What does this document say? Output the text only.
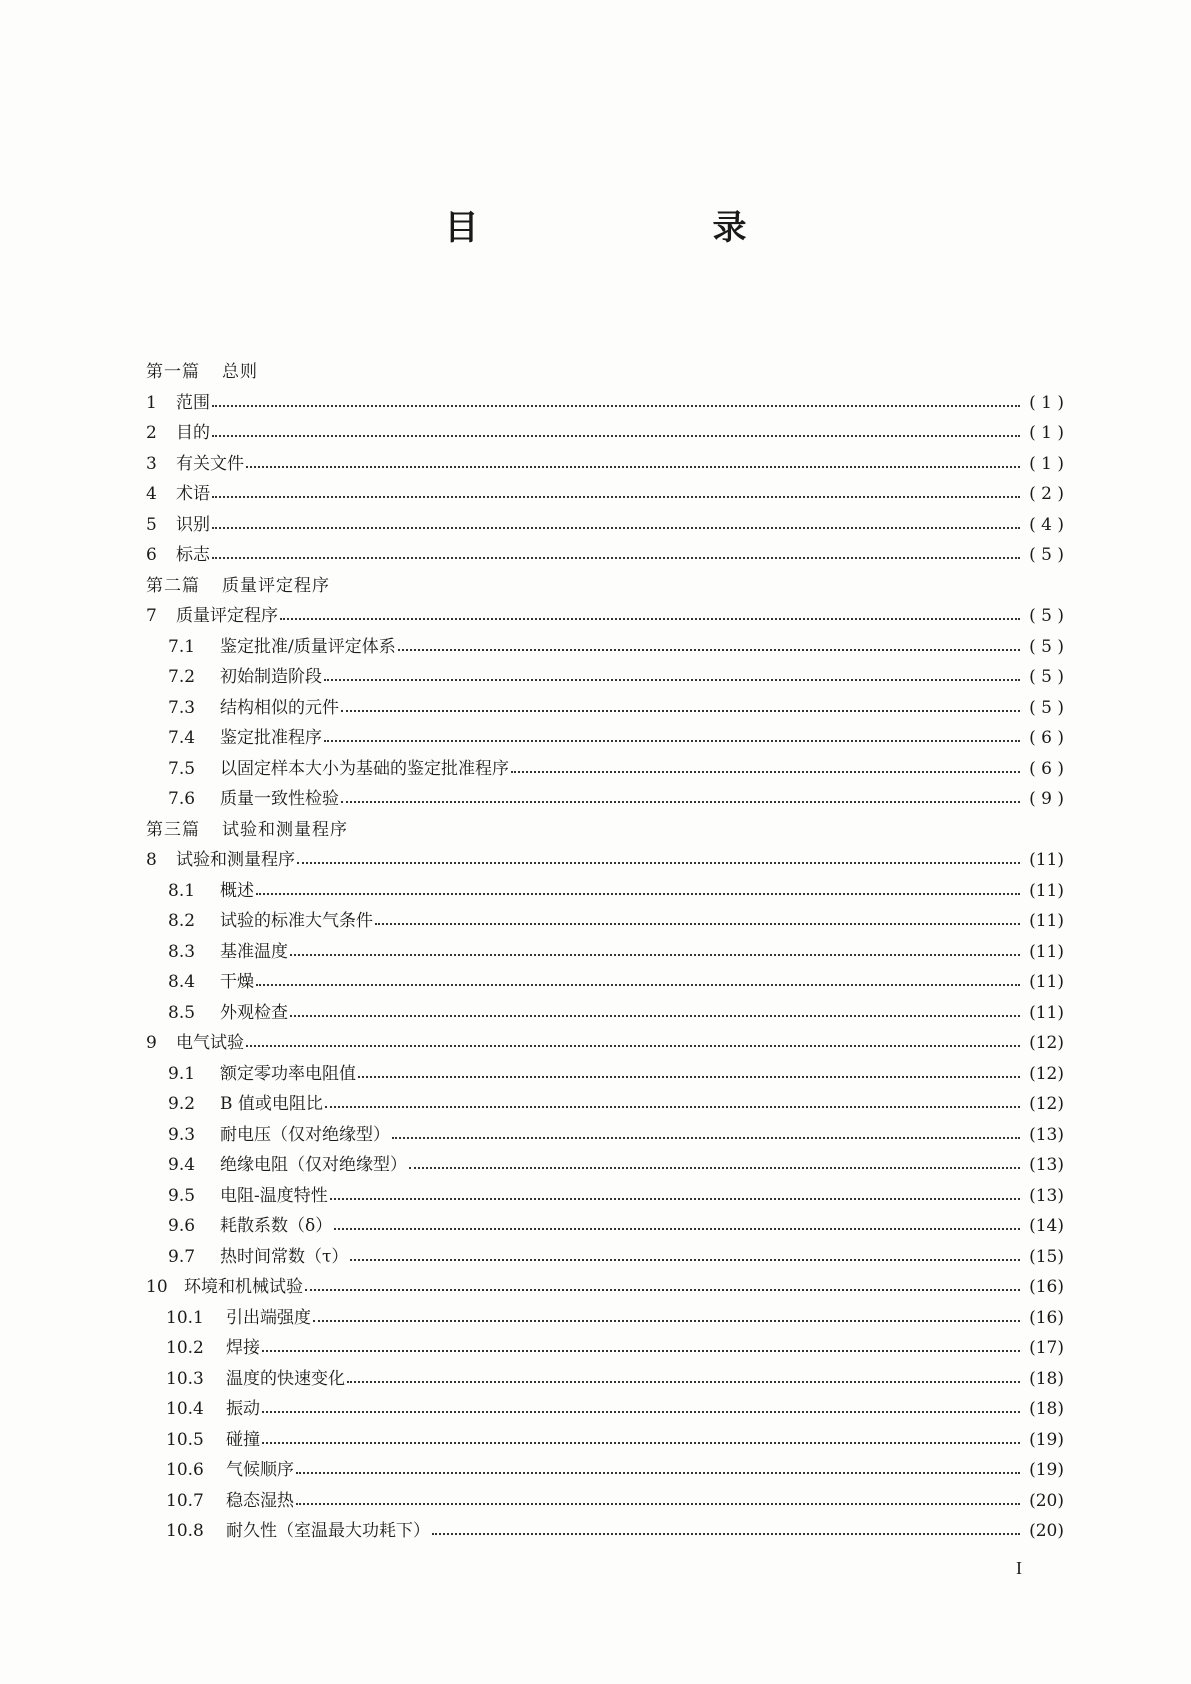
目　录
第一篇 总则
1	范围	( 1 )
2	目的	( 1 )
3	有关文件	( 1 )
4	术语	( 2 )
5	识别	( 4 )
6	标志	( 5 )
第二篇 质量评定程序
7	质量评定程序	( 5 )
7.1	鉴定批准/质量评定体系	( 5 )
7.2	初始制造阶段	( 5 )
7.3	结构相似的元件	( 5 )
7.4	鉴定批准程序	( 6 )
7.5	以固定样本大小为基础的鉴定批准程序	( 6 )
7.6	质量一致性检验	( 9 )
第三篇 试验和测量程序
8	试验和测量程序	(11)
8.1	概述	(11)
8.2	试验的标准大气条件	(11)
8.3	基准温度	(11)
8.4	干燥	(11)
8.5	外观检查	(11)
9	电气试验	(12)
9.1	额定零功率电阻值	(12)
9.2	B 值或电阻比	(12)
9.3	耐电压（仅对绝缘型）	(13)
9.4	绝缘电阻（仅对绝缘型）	(13)
9.5	电阻-温度特性	(13)
9.6	耗散系数（δ）	(14)
9.7	热时间常数（τ）	(15)
10 环境和机械试验	(16)
10.1	引出端强度	(16)
10.2	焊接	(17)
10.3	温度的快速变化	(18)
10.4	振动	(18)
10.5	碰撞	(19)
10.6	气候顺序	(19)
10.7	稳态湿热	(20)
10.8	耐久性（室温最大功耗下）	(20)
I
